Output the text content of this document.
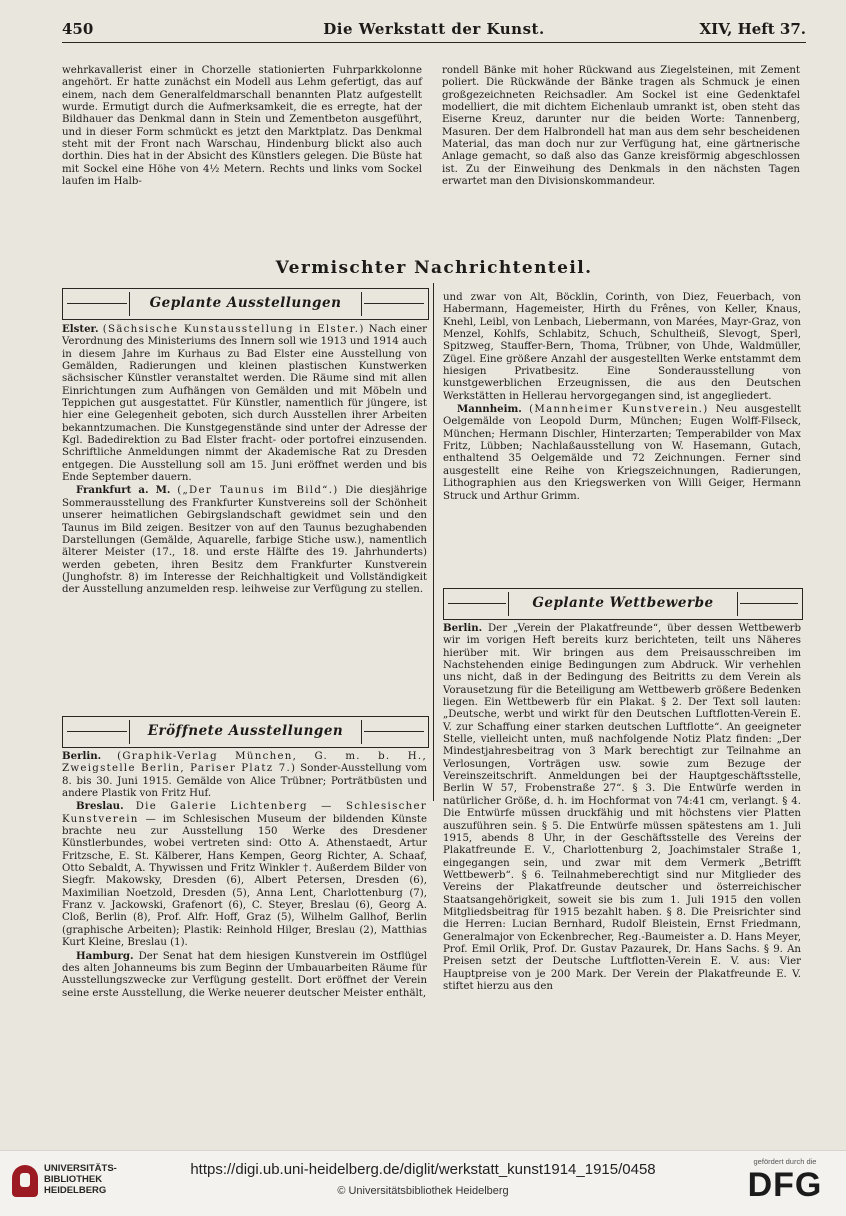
450	Die Werkstatt der Kunst.	XIV, Heft 37.

wehrkavallerist einer in Chorzelle stationierten Fuhrparkkolonne angehört. Er hatte zunächst ein Modell aus Lehm gefertigt, das auf einem, nach dem Generalfeldmarschall benannten Platz aufgestellt wurde. Ermutigt durch die Aufmerksamkeit, die es erregte, hat der Bildhauer das Denkmal dann in Stein und Zementbeton ausgeführt, und in dieser Form schmückt es jetzt den Marktplatz. Das Denkmal steht mit der Front nach Warschau, Hindenburg blickt also auch dorthin. Dies hat in der Absicht des Künstlers gelegen. Die Büste hat mit Sockel eine Höhe von 4½ Metern. Rechts und links vom Sockel laufen im Halb-

rondell Bänke mit hoher Rückwand aus Ziegelsteinen, mit Zement poliert. Die Rückwände der Bänke tragen als Schmuck je einen großgezeichneten Reichsadler. Am Sockel ist eine Gedenktafel modelliert, die mit dichtem Eichenlaub umrankt ist, oben steht das Eiserne Kreuz, darunter nur die beiden Worte: Tannenberg, Masuren. Der dem Halbrondell hat man aus dem sehr bescheidenen Material, das man doch nur zur Verfügung hat, eine gärtnerische Anlage gemacht, so daß also das Ganze kreisförmig abgeschlossen ist. Zu der Einweihung des Denkmals in den nächsten Tagen erwartet man den Divisionskommandeur.

Vermischter Nachrichtenteil.
Geplante Ausstellungen

Elster. (Sächsische Kunstausstellung in Elster.) Nach einer Verordnung des Ministeriums des Innern soll wie 1913 und 1914 auch in diesem Jahre im Kurhaus zu Bad Elster eine Ausstellung von Gemälden, Radierungen und kleinen plastischen Kunstwerken sächsischer Künstler veranstaltet werden. Die Räume sind mit allen Einrichtungen zum Aufhängen von Gemälden und mit Möbeln und Teppichen gut ausgestattet. Für Künstler, namentlich für jüngere, ist hier eine Gelegenheit geboten, sich durch Ausstellen ihrer Arbeiten bekanntzumachen. Die Kunstgegenstände sind unter der Adresse der Kgl. Badedirektion zu Bad Elster fracht- oder portofrei einzusenden. Schriftliche Anmeldungen nimmt der Akademische Rat zu Dresden entgegen. Die Ausstellung soll am 15. Juni eröffnet werden und bis Ende September dauern.

Frankfurt a. M. („Der Taunus im Bild“.) Die diesjährige Sommerausstellung des Frankfurter Kunstvereins soll der Schönheit unserer heimatlichen Gebirgslandschaft gewidmet sein und den Taunus im Bild zeigen. Besitzer von auf den Taunus bezughabenden Darstellungen (Gemälde, Aquarelle, farbige Stiche usw.), namentlich älterer Meister (17., 18. und erste Hälfte des 19. Jahrhunderts) werden gebeten, ihren Besitz dem Frankfurter Kunstverein (Junghofstr. 8) im Interesse der Reichhaltigkeit und Vollständigkeit der Ausstellung anzumelden resp. leihweise zur Verfügung zu stellen.

Eröffnete Ausstellungen

Berlin. (Graphik-Verlag München, G. m. b. H., Zweigstelle Berlin, Pariser Platz 7.) Sonder-Ausstellung vom 8. bis 30. Juni 1915. Gemälde von Alice Trübner; Porträtbüsten und andere Plastik von Fritz Huf.

Breslau. Die Galerie Lichtenberg — Schlesischer Kunstverein — im Schlesischen Museum der bildenden Künste brachte neu zur Ausstellung 150 Werke des Dresdener Künstlerbundes, wobei vertreten sind: Otto A. Athenstaedt, Artur Fritzsche, E. St. Kälberer, Hans Kempen, Georg Richter, A. Schaaf, Otto Sebaldt, A. Thywissen und Fritz Winkler †. Außerdem Bilder von Siegfr. Makowsky, Dresden (6), Albert Petersen, Dresden (6), Maximilian Noetzold, Dresden (5), Anna Lent, Charlottenburg (7), Franz v. Jackowski, Grafenort (6), C. Steyer, Breslau (6), Georg A. Cloß, Berlin (8), Prof. Alfr. Hoff, Graz (5), Wilhelm Gallhof, Berlin (graphische Arbeiten); Plastik: Reinhold Hilger, Breslau (2), Matthias Kurt Kleine, Breslau (1).

Hamburg. Der Senat hat dem hiesigen Kunstverein im Ostflügel des alten Johanneums bis zum Beginn der Umbauarbeiten Räume für Ausstellungszwecke zur Verfügung gestellt. Dort eröffnet der Verein seine erste Ausstellung, die Werke neuerer deutscher Meister enthält,

und zwar von Alt, Böcklin, Corinth, von Diez, Feuerbach, von Habermann, Hagemeister, Hirth du Frênes, von Keller, Knaus, Knehl, Leibl, von Lenbach, Liebermann, von Marées, Mayr-Graz, von Menzel, Kohlfs, Schlabitz, Schuch, Schultheiß, Slevogt, Sperl, Spitzweg, Stauffer-Bern, Thoma, Trübner, von Uhde, Waldmüller, Zügel. Eine größere Anzahl der ausgestellten Werke entstammt dem hiesigen Privatbesitz. Eine Sonderausstellung von kunstgewerblichen Erzeugnissen, die aus den Deutschen Werkstätten in Hellerau hervorgegangen sind, ist angegliedert.

Mannheim. (Mannheimer Kunstverein.) Neu ausgestellt Oelgemälde von Leopold Durm, München; Eugen Wolff-Filseck, München; Hermann Dischler, Hinterzarten; Temperabilder von Max Fritz, Lübben; Nachlaßausstellung von W. Hasemann, Gutach, enthaltend 35 Oelgemälde und 72 Zeichnungen. Ferner sind ausgestellt eine Reihe von Kriegszeichnungen, Radierungen, Lithographien aus den Kriegswerken von Willi Geiger, Hermann Struck und Arthur Grimm.

Geplante Wettbewerbe

Berlin. Der „Verein der Plakatfreunde“, über dessen Wettbewerb wir im vorigen Heft bereits kurz berichteten, teilt uns Näheres hierüber mit. Wir bringen aus dem Preisausschreiben im Nachstehenden einige Bedingungen zum Abdruck. Wir verhehlen uns nicht, daß in der Bedingung des Beitritts zu dem Verein als Vorausetzung für die Beteiligung am Wettbewerb größere Bedenken liegen. Ein Wettbewerb für ein Plakat. § 2. Der Text soll lauten: „Deutsche, werbt und wirkt für den Deutschen Luftflotten-Verein E. V. zur Schaffung einer starken deutschen Luftflotte“. An geeigneter Stelle, vielleicht unten, muß nachfolgende Notiz Platz finden: „Der Mindestjahresbeitrag von 3 Mark berechtigt zur Teilnahme an Verlosungen, Vorträgen usw. sowie zum Bezuge der Vereinszeitschrift. Anmeldungen bei der Hauptgeschäftsstelle, Berlin W 57, Frobenstraße 27“. § 3. Die Entwürfe werden in natürlicher Größe, d. h. im Hochformat von 74:41 cm, verlangt. § 4. Die Entwürfe müssen druckfähig und mit höchstens vier Platten auszuführen sein. § 5. Die Entwürfe müssen spätestens am 1. Juli 1915, abends 8 Uhr, in der Geschäftsstelle des Vereins der Plakatfreunde E. V., Charlottenburg 2, Joachimstaler Straße 1, eingegangen sein, und zwar mit dem Vermerk „Betrifft Wettbewerb“. § 6. Teilnahmeberechtigt sind nur Mitglieder des Vereins der Plakatfreunde deutscher und österreichischer Staatsangehörigkeit, soweit sie bis zum 1. Juli 1915 den vollen Mitgliedsbeitrag für 1915 bezahlt haben. § 8. Die Preisrichter sind die Herren: Lucian Bernhard, Rudolf Bleistein, Ernst Friedmann, Generalmajor von Eckenbrecher, Reg.-Baumeister a. D. Hans Meyer, Prof. Emil Orlik, Prof. Dr. Gustav Pazaurek, Dr. Hans Sachs. § 9. An Preisen setzt der Deutsche Luftflotten-Verein E. V. aus: Vier Hauptpreise von je 200 Mark. Der Verein der Plakatfreunde E. V. stiftet hierzu aus den

UNIVERSITÄTS-
BIBLIOTHEK
HEIDELBERG
https://digi.ub.uni-heidelberg.de/diglit/werkstatt_kunst1914_1915/0458
© Universitätsbibliothek Heidelberg
gefördert durch die
DFG
